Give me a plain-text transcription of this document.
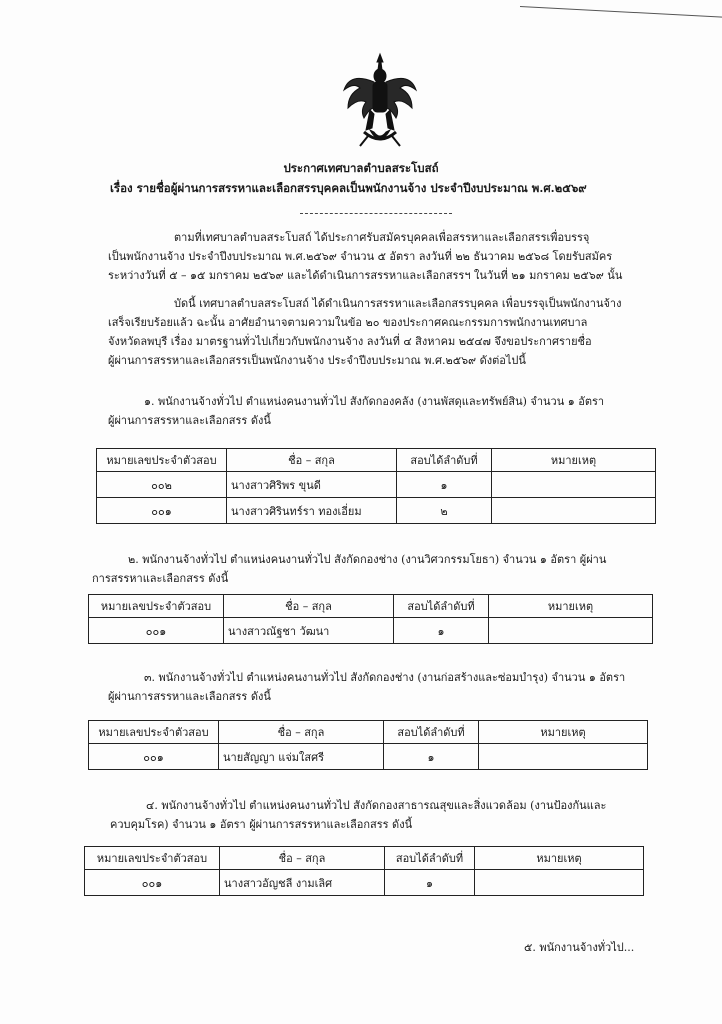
ประกาศเทศบาลตำบลสระโบสถ์
เรื่อง รายชื่อผู้ผ่านการสรรหาและเลือกสรรบุคคลเป็นพนักงานจ้าง ประจำปีงบประมาณ พ.ศ.๒๕๖๙
ตามที่เทศบาลตำบลสระโบสถ์ ได้ประกาศรับสมัครบุคคลเพื่อสรรหาและเลือกสรรเพื่อบรรจุ
เป็นพนักงานจ้าง ประจำปีงบประมาณ พ.ศ.๒๕๖๙ จำนวน ๕ อัตรา ลงวันที่ ๒๒ ธันวาคม ๒๕๖๘ โดยรับสมัคร
ระหว่างวันที่ ๕ – ๑๕ มกราคม ๒๕๖๙ และได้ดำเนินการสรรหาและเลือกสรรฯ ในวันที่ ๒๑ มกราคม ๒๕๖๙ นั้น
บัดนี้ เทศบาลตำบลสระโบสถ์ ได้ดำเนินการสรรหาและเลือกสรรบุคคล เพื่อบรรจุเป็นพนักงานจ้าง
เสร็จเรียบร้อยแล้ว ฉะนั้น อาศัยอำนาจตามความในข้อ ๒๐ ของประกาศคณะกรรมการพนักงานเทศบาล
จังหวัดลพบุรี เรื่อง มาตรฐานทั่วไปเกี่ยวกับพนักงานจ้าง ลงวันที่ ๔ สิงหาคม ๒๕๔๗ จึงขอประกาศรายชื่อ
ผู้ผ่านการสรรหาและเลือกสรรเป็นพนักงานจ้าง ประจำปีงบประมาณ พ.ศ.๒๕๖๙ ดังต่อไปนี้
๑. พนักงานจ้างทั่วไป ตำแหน่งคนงานทั่วไป สังกัดกองคลัง (งานพัสดุและทรัพย์สิน) จำนวน ๑ อัตรา
ผู้ผ่านการสรรหาและเลือกสรร ดังนี้
หมายเลขประจำตัวสอบ	ชื่อ – สกุล	สอบได้ลำดับที่	หมายเหตุ
๐๐๒	นางสาวศิริพร ขุนดี	๑	
๐๐๑	นางสาวศิรินทร์รา ทองเอี่ยม	๒	
๒. พนักงานจ้างทั่วไป ตำแหน่งคนงานทั่วไป สังกัดกองช่าง (งานวิศวกรรมโยธา) จำนวน ๑ อัตรา ผู้ผ่าน
การสรรหาและเลือกสรร ดังนี้
หมายเลขประจำตัวสอบ	ชื่อ – สกุล	สอบได้ลำดับที่	หมายเหตุ
๐๐๑	นางสาวณัฐชา วัฒนา	๑	
๓. พนักงานจ้างทั่วไป ตำแหน่งคนงานทั่วไป สังกัดกองช่าง (งานก่อสร้างและซ่อมบำรุง) จำนวน ๑ อัตรา
ผู้ผ่านการสรรหาและเลือกสรร ดังนี้
หมายเลขประจำตัวสอบ	ชื่อ – สกุล	สอบได้ลำดับที่	หมายเหตุ
๐๐๑	นายสัญญา แจ่มใสศรี	๑	
๔. พนักงานจ้างทั่วไป ตำแหน่งคนงานทั่วไป สังกัดกองสาธารณสุขและสิ่งแวดล้อม (งานป้องกันและ
ควบคุมโรค) จำนวน ๑ อัตรา ผู้ผ่านการสรรหาและเลือกสรร ดังนี้
หมายเลขประจำตัวสอบ	ชื่อ – สกุล	สอบได้ลำดับที่	หมายเหตุ
๐๐๑	นางสาวอัญชลี งามเลิศ	๑	
๕. พนักงานจ้างทั่วไป...
